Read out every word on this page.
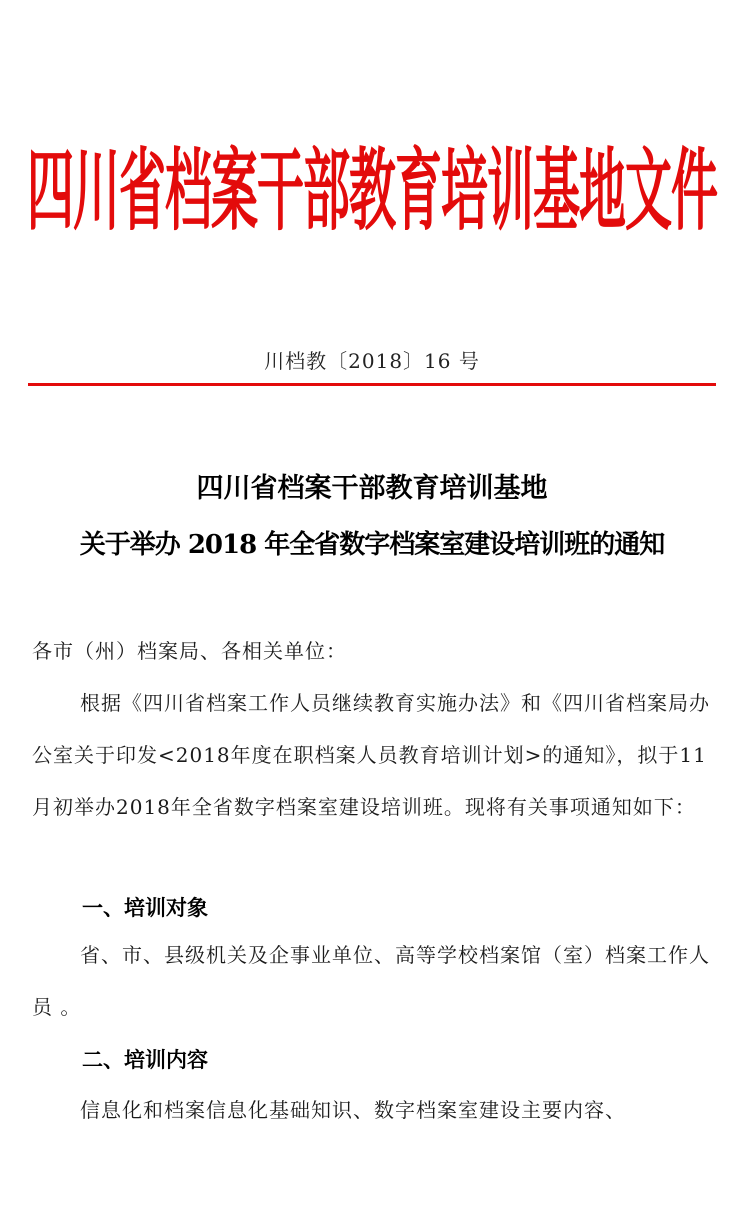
四川省档案干部教育培训基地文件
川档教〔2018〕16 号
四川省档案干部教育培训基地
关于举办 2018 年全省数字档案室建设培训班的通知
各市（州）档案局、各相关单位：
根据《四川省档案工作人员继续教育实施办法》和《四川省档案局办公室关于印发<2018年度在职档案人员教育培训计划>的通知》，拟于11月初举办2018年全省数字档案室建设培训班。现将有关事项通知如下：
一、培训对象
省、市、县级机关及企事业单位、高等学校档案馆（室）档案工作人员 。
二、培训内容
信息化和档案信息化基础知识、数字档案室建设主要内容、
